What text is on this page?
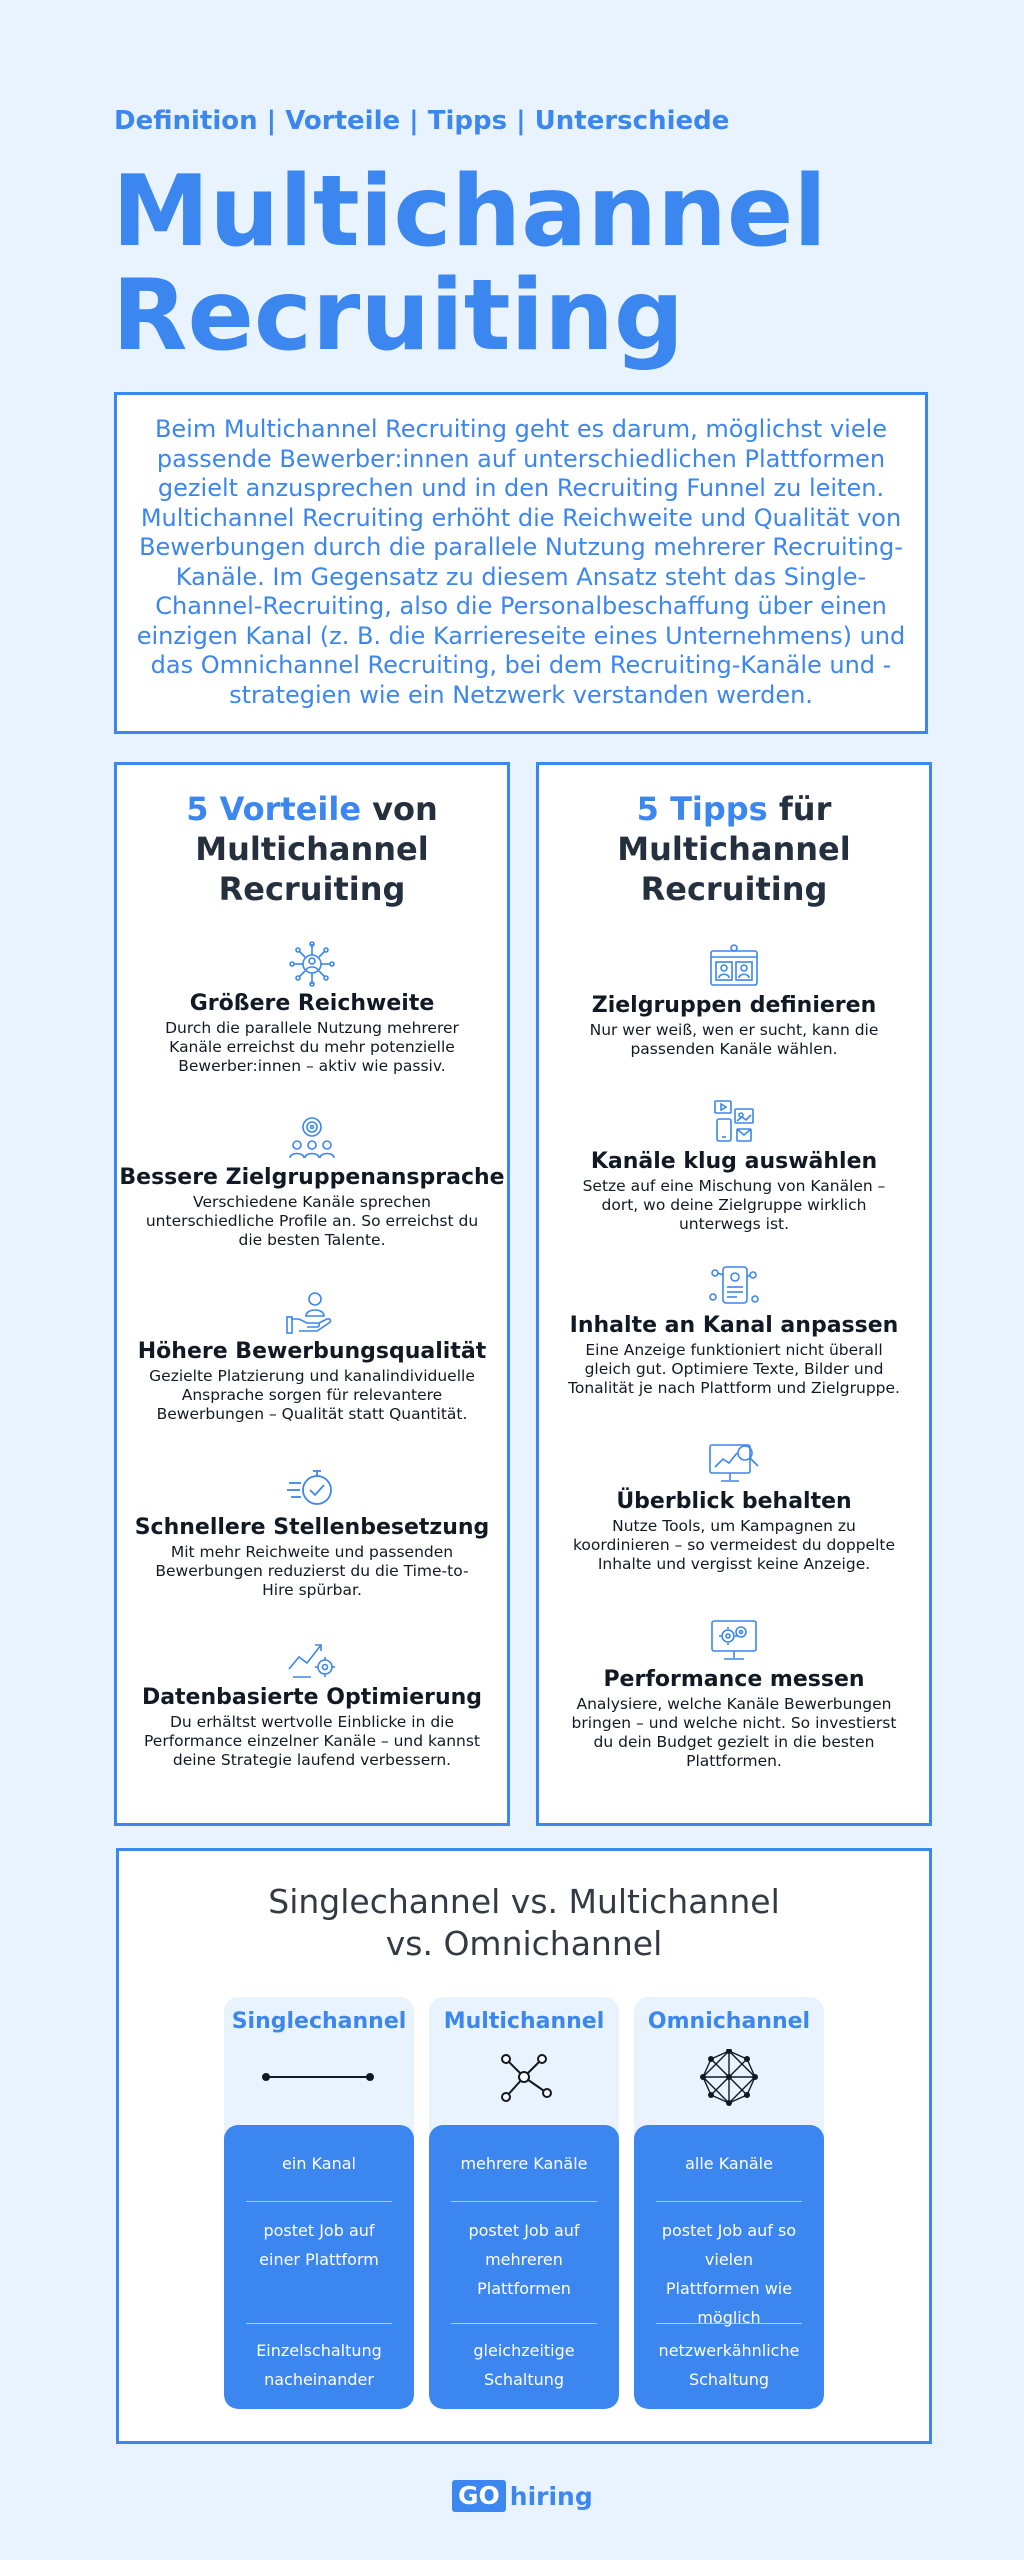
Definition | Vorteile | Tipps | Unterschiede
Multichannel
Recruiting
Beim Multichannel Recruiting geht es darum, möglichst viele passende Bewerber:innen auf unterschiedlichen Plattformen gezielt anzusprechen und in den Recruiting Funnel zu leiten. Multichannel Recruiting erhöht die Reichweite und Qualität von Bewerbungen durch die parallele Nutzung mehrerer Recruiting-Kanäle. Im Gegensatz zu diesem Ansatz steht das Single-Channel-Recruiting, also die Personalbeschaffung über einen einzigen Kanal (z. B. die Karriereseite eines Unternehmens) und das Omnichannel Recruiting, bei dem Recruiting-Kanäle und -strategien wie ein Netzwerk verstanden werden.
5 Vorteile von
Multichannel
Recruiting
Größere Reichweite

Durch die parallele Nutzung mehrerer Kanäle erreichst du mehr potenzielle Bewerber:innen – aktiv wie passiv.

Bessere Zielgruppenansprache

Verschiedene Kanäle sprechen unterschiedliche Profile an. So erreichst du die besten Talente.

Höhere Bewerbungsqualität

Gezielte Platzierung und kanalindividuelle Ansprache sorgen für relevantere Bewerbungen – Qualität statt Quantität.

Schnellere Stellenbesetzung

Mit mehr Reichweite und passenden Bewerbungen reduzierst du die Time-to-Hire spürbar.

Datenbasierte Optimierung

Du erhältst wertvolle Einblicke in die Performance einzelner Kanäle – und kannst deine Strategie laufend verbessern.

5 Tipps für
Multichannel
Recruiting
Zielgruppen definieren

Nur wer weiß, wen er sucht, kann die passenden Kanäle wählen.

Kanäle klug auswählen

Setze auf eine Mischung von Kanälen – dort, wo deine Zielgruppe wirklich unterwegs ist.

Inhalte an Kanal anpassen

Eine Anzeige funktioniert nicht überall gleich gut. Optimiere Texte, Bilder und Tonalität je nach Plattform und Zielgruppe.

Überblick behalten

Nutze Tools, um Kampagnen zu koordinieren – so vermeidest du doppelte Inhalte und vergisst keine Anzeige.

Performance messen

Analysiere, welche Kanäle Bewerbungen bringen – und welche nicht. So investierst du dein Budget gezielt in die besten Plattformen.

Singlechannel vs. Multichannel
vs. Omnichannel
Singlechannel
ein Kanal
postet Job auf einer Plattform
Einzelschaltung nacheinander
Multichannel
mehrere Kanäle
postet Job auf mehreren Plattformen
gleichzeitige Schaltung
Omnichannel
alle Kanäle
postet Job auf so vielen Plattformen wie möglich
netzwerkähnliche Schaltung
GO hiring
